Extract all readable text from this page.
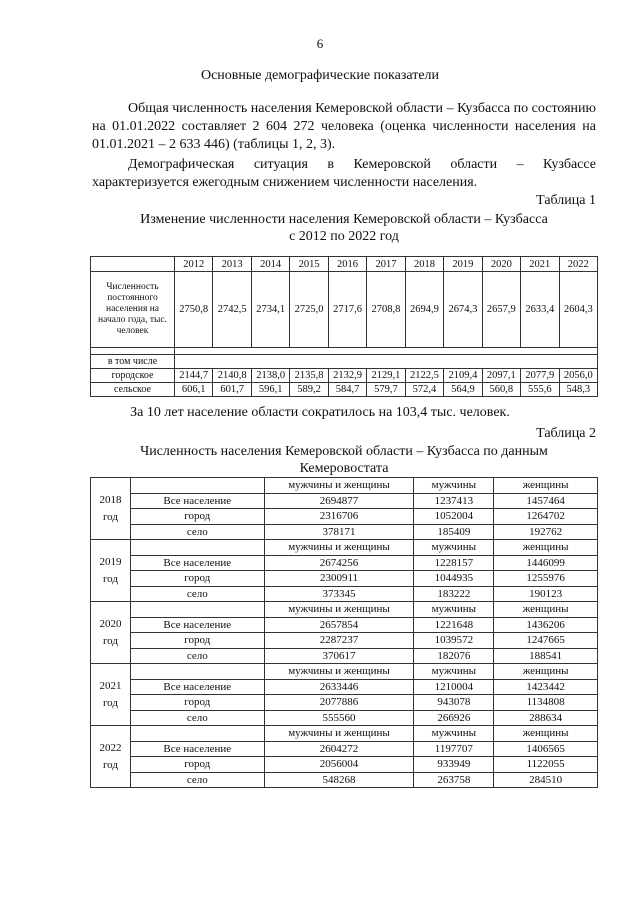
6
Основные демографические показатели

Общая численность населения Кемеровской области – Кузбасса по состоянию на 01.01.2022 составляет 2 604 272 человека (оценка численности населения на 01.01.2021 – 2 633 446) (таблицы 1, 2, 3).

Демографическая ситуация в Кемеровской области – Кузбассе характеризуется ежегодным снижением численности населения.

Таблица 1
Изменение численности населения Кемеровской области – Кузбасса
с 2012 по 2022 год
	2012	2013	2014	2015	2016	2017	2018	2019	2020	2021	2022
Численность постоянного населения на начало года, тыс. человек	2750,8	2742,5	2734,1	2725,0	2717,6	2708,8	2694,9	2674,3	2657,9	2633,4	2604,3

в том числе											
городское	2144,7	2140,8	2138,0	2135,8	2132,9	2129,1	2122,5	2109,4	2097,1	2077,9	2056,0
сельское	606,1	601,7	596,1	589,2	584,7	579,7	572,4	564,9	560,8	555,6	548,3
За 10 лет население области сократилось на 103,4 тыс. человек.
Таблица 2
Численность населения Кемеровской области – Кузбасса по данным
Кемеровостата
2018
год		мужчины и женщины	мужчины	женщины
	Все население	2694877	1237413	1457464
	город	2316706	1052004	1264702
	село	378171	185409	192762

2019
год		мужчины и женщины	мужчины	женщины
	Все население	2674256	1228157	1446099
	город	2300911	1044935	1255976
	село	373345	183222	190123

2020
год		мужчины и женщины	мужчины	женщины
	Все население	2657854	1221648	1436206
	город	2287237	1039572	1247665
	село	370617	182076	188541

2021
год		мужчины и женщины	мужчины	женщины
	Все население	2633446	1210004	1423442
	город	2077886	943078	1134808
	село	555560	266926	288634

2022
год		мужчины и женщины	мужчины	женщины
	Все население	2604272	1197707	1406565
	город	2056004	933949	1122055
	село	548268	263758	284510
